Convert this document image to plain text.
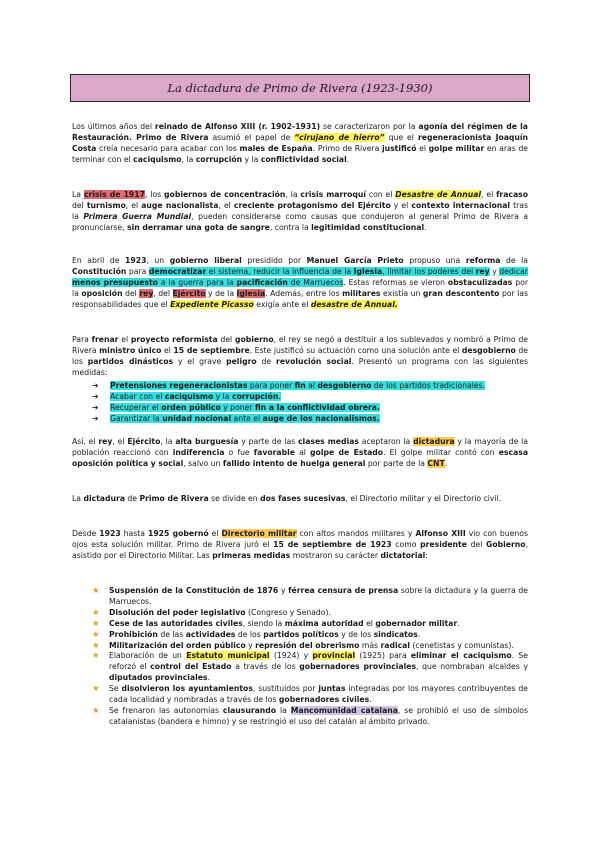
La dictadura de Primo de Rivera (1923-1930)

Los últimos años del reinado de Alfonso XIII (r. 1902-1931) se caracterizaron por la agonía del régimen de la Restauración. Primo de Rivera asumió el papel de “cirujano de hierro” que el regeneracionista Joaquín Costa creía necesario para acabar con los males de España. Primo de Rivera justificó el golpe militar en aras de terminar con el caciquismo, la corrupción y la conflictividad social.

La crisis de 1917, los gobiernos de concentración, la crisis marroquí con el Desastre de Annual, el fracaso del turnismo, el auge nacionalista, el creciente protagonismo del Ejército y el contexto internacional tras la Primera Guerra Mundial, pueden considerarse como causas que condujeron al general Primo de Rivera a pronunciarse, sin derramar una gota de sangre, contra la legitimidad constitucional.

En abril de 1923, un gobierno liberal presidido por Manuel García Prieto propuso una reforma de la Constitución para democratizar el sistema, reducir la influencia de la Iglesia, limitar los poderes del rey y dedicar menos presupuesto a la guerra para la pacificación de Marruecos. Estas reformas se vieron obstaculizadas por la oposición del rey, del Ejército y de la Iglesia. Además, entre los militares existía un gran descontento por las responsabilidades que el Expediente Picasso exigía ante el desastre de Annual.

Para frenar el proyecto reformista del gobierno, el rey se negó a destituir a los sublevados y nombró a Primo de Rivera ministro único el 15 de septiembre. Este justificó su actuación como una solución ante el desgobierno de los partidos dinásticos y el grave peligro de revolución social. Presentó un programa con las siguientes medidas:

➔ Pretensiones regeneracionistas para poner fin al desgobierno de los partidos tradicionales.
➔ Acabar con el caciquismo y la corrupción.
➔ Recuperar el orden público y poner fin a la conflictividad obrera.
➔ Garantizar la unidad nacional ante el auge de los nacionalismos.

Así, el rey, el Ejército, la alta burguesía y parte de las clases medias aceptaron la dictadura y la mayoría de la población reaccionó con indiferencia o fue favorable al golpe de Estado. El golpe militar contó con escasa oposición política y social, salvo un fallido intento de huelga general por parte de la CNT.

La dictadura de Primo de Rivera se divide en dos fases sucesivas, el Directorio militar y el Directorio civil.

Desde 1923 hasta 1925 gobernó el Directorio militar con altos mandos militares y Alfonso XIII vio con buenos ojos esta solución militar. Primo de Rivera juró el 15 de septiembre de 1923 como presidente del Gobierno, asistido por el Directorio Militar. Las primeras medidas mostraron su carácter dictatorial:

★ Suspensión de la Constitución de 1876 y férrea censura de prensa sobre la dictadura y la guerra de Marruecos.
★ Disolución del poder legislativo (Congreso y Senado).
★ Cese de las autoridades civiles, siendo la máxima autoridad el gobernador militar.
★ Prohibición de las actividades de los partidos políticos y de los sindicatos.
★ Militarización del orden público y represión del obrerismo más radical (cenetistas y comunistas).
★ Elaboración de un Estatuto municipal (1924) y provincial (1925) para eliminar el caciquismo. Se reforzó el control del Estado a través de los gobernadores provinciales, que nombraban alcaldes y diputados provinciales.
★ Se disolvieron los ayuntamientos, sustituidos por juntas integradas por los mayores contribuyentes de cada localidad y nombradas a través de los gobernadores civiles.
★ Se frenaron las autonomías clausurando la Mancomunidad catalana, se prohibió el uso de símbolos catalanistas (bandera e himno) y se restringió el uso del catalán al ámbito privado.
